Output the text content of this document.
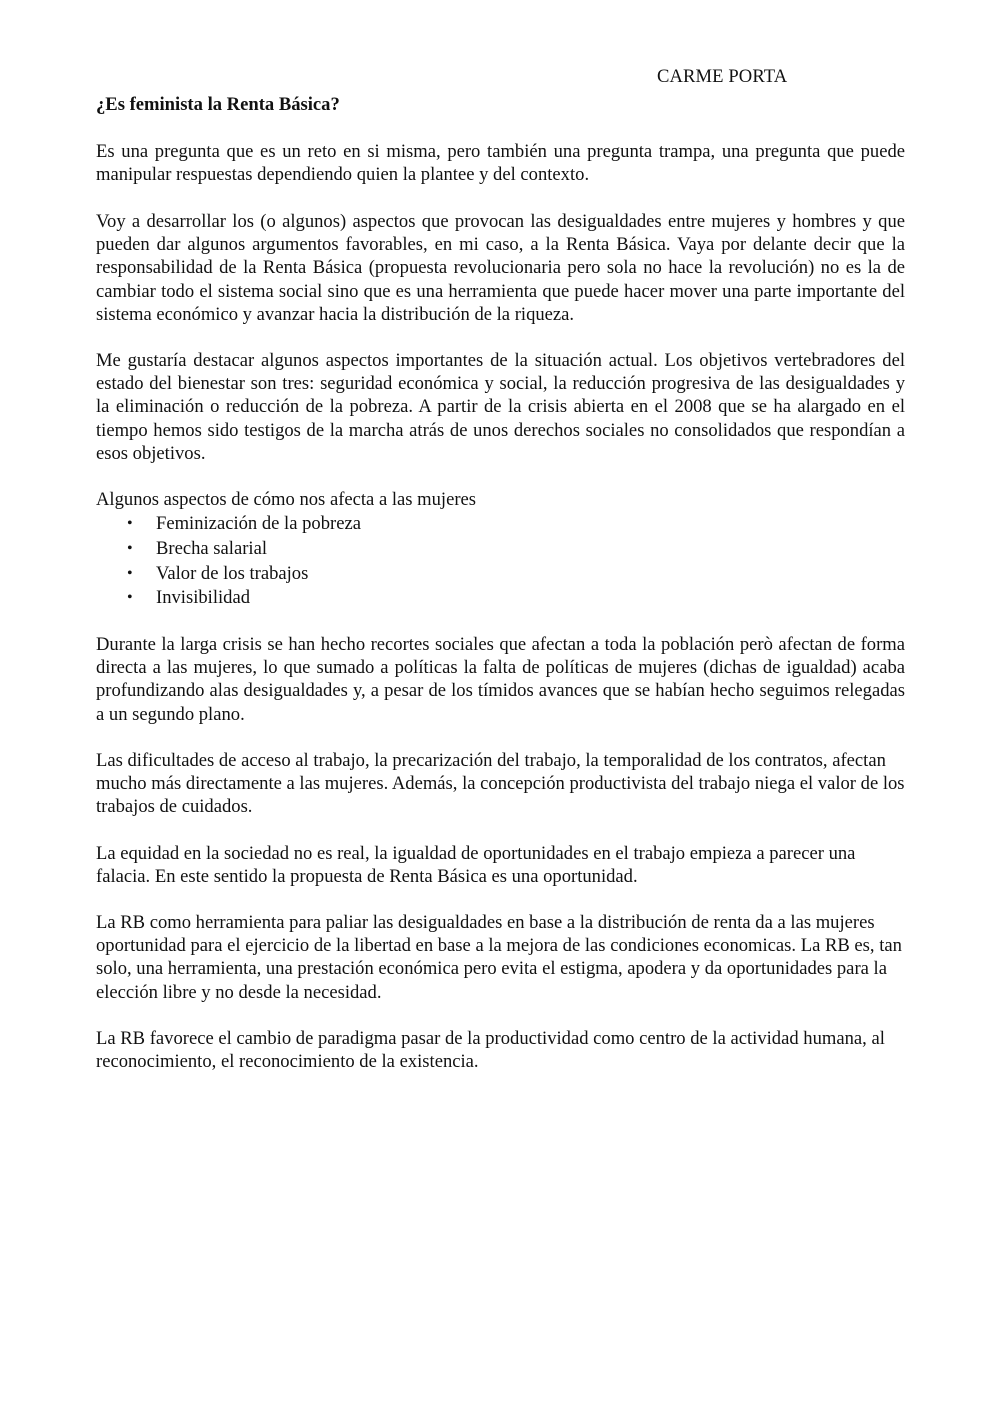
CARME PORTA
¿Es feminista la Renta Básica?

Es una pregunta que es un reto en si misma, pero también una pregunta trampa, una pregunta que puede manipular respuestas dependiendo quien la plantee y del contexto.

Voy a desarrollar los (o algunos) aspectos que provocan las desigualdades entre mujeres y hombres y que pueden dar algunos argumentos favorables, en mi caso, a la Renta Básica. Vaya por delante decir que la responsabilidad de la Renta Básica (propuesta revolucionaria pero sola no hace la revolución) no es la de cambiar todo el sistema social sino que es una herramienta que puede hacer mover una parte importante del sistema económico y avanzar hacia la distribución de la riqueza.

Me gustaría destacar algunos aspectos importantes de la situación actual. Los objetivos vertebradores del estado del bienestar son tres: seguridad económica y social, la reducción progresiva de las desigualdades y la eliminación o reducción de la pobreza. A partir de la crisis abierta en el 2008 que se ha alargado en el tiempo hemos sido testigos de la marcha atrás de unos derechos sociales no consolidados que respondían a esos objetivos.

Algunos aspectos de cómo nos afecta a las mujeres

• Feminización de la pobreza
• Brecha salarial
• Valor de los trabajos
• Invisibilidad

Durante la larga crisis se han hecho recortes sociales que afectan a toda la población però afectan de forma directa a las mujeres, lo que sumado a políticas la falta de políticas de mujeres (dichas de igualdad) acaba profundizando alas desigualdades y, a pesar de los tímidos avances que se habían hecho seguimos relegadas a un segundo plano.

Las dificultades de acceso al trabajo, la precarización del trabajo, la temporalidad de los contratos, afectan mucho más directamente a las mujeres. Además, la concepción productivista del trabajo niega el valor de los trabajos de cuidados.

La equidad en la sociedad no es real, la igualdad de oportunidades en el trabajo empieza a parecer una falacia. En este sentido la propuesta de Renta Básica es una oportunidad.

La RB como herramienta para paliar las desigualdades en base a la distribución de renta da a las mujeres oportunidad para el ejercicio de la libertad en base a la mejora de las condiciones economicas. La RB es, tan solo, una herramienta, una prestación económica pero evita el estigma, apodera y da oportunidades para la elección libre y no desde la necesidad.

La RB favorece el cambio de paradigma pasar de la productividad como centro de la actividad humana, al reconocimiento, el reconocimiento de la existencia.
